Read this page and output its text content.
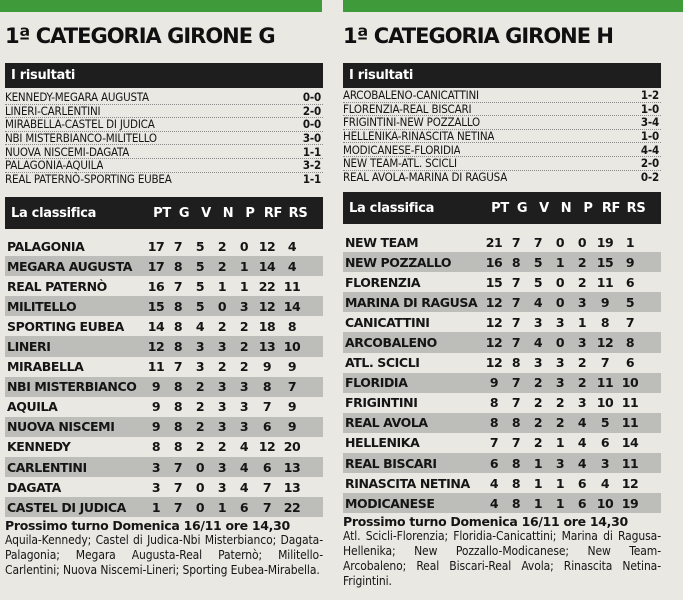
1ª CATEGORIA GIRONE G
I risultati
KENNEDY-MEGARA AUGUSTA	0-0
LINERI-CARLENTINI	2-0
MIRABELLA-CASTEL DI JUDICA	0-0
NBI MISTERBIANCO-MILITELLO	3-0
NUOVA NISCEMI-DAGATA	1-1
PALAGONIA-AQUILA	3-2
REAL PATERNÒ-SPORTING EUBEA	1-1
La classifica	PT G V N P RF RS
PALAGONIA	17 7	5	2	0 12	4
MEGARA AUGUSTA	17 8	5	2	1 14	4
REAL PATERNÒ	16 7	5	1	1 22 11
MILITELLO	15 8	5	0	3 12 14
SPORTING EUBEA	14 8	4	2	2 18	8
LINERI	12 8	3	3	2 13 10
MIRABELLA	11 7	3	2	2	9	9
NBI MISTERBIANCO	9	8	2	3	3	8	7
AQUILA	9	8	2	3	3	7	9
NUOVA NISCEMI	9	8	2	3	3	6	9
KENNEDY	8	8	2	2	4 12 20
CARLENTINI	3	7	0	3	4	6	13
DAGATA	3	7	0	3	4	7	13
CASTEL DI JUDICA	1	7	0	1	6	7	22
Prossimo turno Domenica 16/11 ore 14,30
Aquila-Kennedy; Castel di Judica-Nbi Misterbianco; Dagata-Palagonia; Megara Augusta-Real Paternò; Militello-Carlentini; Nuova Niscemi-Lineri; Sporting Eubea-Mirabella.
1ª CATEGORIA GIRONE H
I risultati
ARCOBALENO-CANICATTINI	1-2
FLORENZIA-REAL BISCARI	1-0
FRIGINTINI-NEW POZZALLO	3-4
HELLENIKA-RINASCITA NETINA	1-0
MODICANESE-FLORIDIA	4-4
NEW TEAM-ATL. SCICLI	2-0
REAL AVOLA-MARINA DI RAGUSA	0-2
La classifica	PT G V N P RF RS
NEW TEAM	21 7	7	0	0 19	1
NEW POZZALLO	16 8	5	1	2 15	9
FLORENZIA	15 7	5	0	2 11	6
MARINA DI RAGUSA 12 7	4	0	3	9	5
CANICATTINI	12 7	3	3	1	8	7
ARCOBALENO	12 7	4	0	3 12	8
ATL. SCICLI	12 8	3	3	2	7	6
FLORIDIA	9	7	2	3	2 11 10
FRIGINTINI	8	7	2	2	3 10 11
REAL AVOLA	8	8	2	2	4	5	11
HELLENIKA	7	7	2	1	4	6	14
REAL BISCARI	6	8	1	3	4	3	11
RINASCITA NETINA	4	8	1	1	6	4	12
MODICANESE	4	8	1	1	6 10 19
Prossimo turno Domenica 16/11 ore 14,30
Atl. Scicli-Florenzia; Floridia-Canicattini; Marina di Ragusa-Hellenika; New Pozzallo-Modicanese; New Team-Arcobaleno; Real Biscari-Real Avola; Rinascita Netina-Frigintini.
